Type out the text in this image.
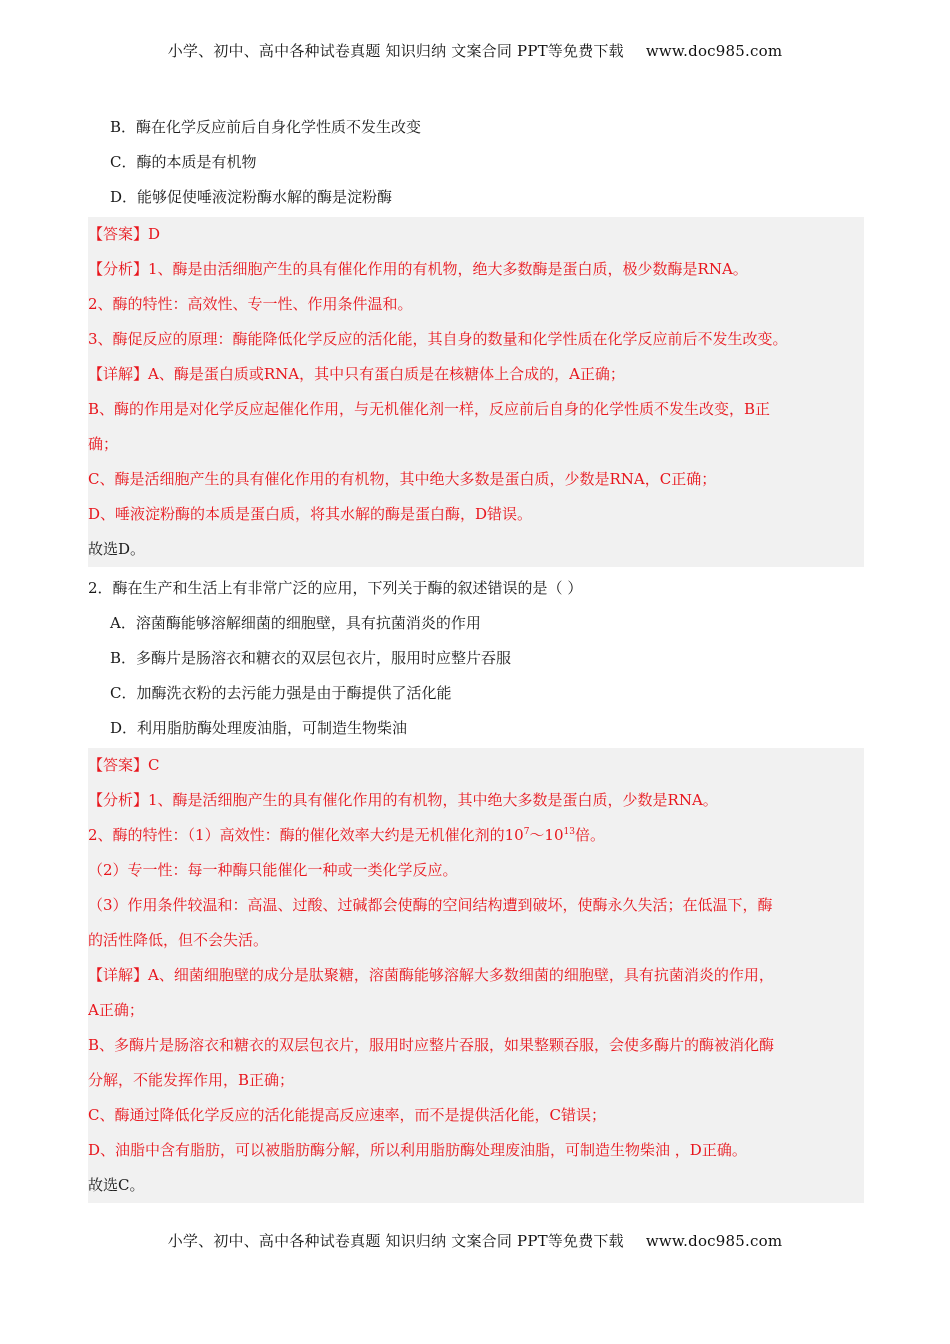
小学、初中、高中各种试卷真题 知识归纳 文案合同 PPT等免费下载 www.doc985.com
B．酶在化学反应前后自身化学性质不发生改变
C．酶的本质是有机物
D．能够促使唾液淀粉酶水解的酶是淀粉酶
【答案】D
【分析】1、酶是由活细胞产生的具有催化作用的有机物，绝大多数酶是蛋白质，极少数酶是RNA。
2、酶的特性：高效性、专一性、作用条件温和。
3、酶促反应的原理：酶能降低化学反应的活化能，其自身的数量和化学性质在化学反应前后不发生改变。
【详解】A、酶是蛋白质或RNA，其中只有蛋白质是在核糖体上合成的，A正确；
B、酶的作用是对化学反应起催化作用，与无机催化剂一样，反应前后自身的化学性质不发生改变，B正
确；
C、酶是活细胞产生的具有催化作用的有机物，其中绝大多数是蛋白质，少数是RNA，C正确；
D、唾液淀粉酶的本质是蛋白质，将其水解的酶是蛋白酶，D错误。
故选D。
2．酶在生产和生活上有非常广泛的应用，下列关于酶的叙述错误的是（ ）
A．溶菌酶能够溶解细菌的细胞壁，具有抗菌消炎的作用
B．多酶片是肠溶衣和糖衣的双层包衣片，服用时应整片吞服
C．加酶洗衣粉的去污能力强是由于酶提供了活化能
D．利用脂肪酶处理废油脂，可制造生物柴油
【答案】C
【分析】1、酶是活细胞产生的具有催化作用的有机物，其中绝大多数是蛋白质，少数是RNA。
2、酶的特性：（1）高效性：酶的催化效率大约是无机催化剂的$10^7\sim 10^{13}$倍。
（2）专一性：每一种酶只能催化一种或一类化学反应。
（3）作用条件较温和：高温、过酸、过碱都会使酶的空间结构遭到破坏，使酶永久失活；在低温下，酶
的活性降低，但不会失活。
【详解】A、细菌细胞壁的成分是肽聚糖，溶菌酶能够溶解大多数细菌的细胞壁，具有抗菌消炎的作用，
A正确；
B、多酶片是肠溶衣和糖衣的双层包衣片，服用时应整片吞服，如果整颗吞服，会使多酶片的酶被消化酶
分解，不能发挥作用，B正确；
C、酶通过降低化学反应的活化能提高反应速率，而不是提供活化能，C错误；
D、油脂中含有脂肪，可以被脂肪酶分解，所以利用脂肪酶处理废油脂，可制造生物柴油 ，D正确。
故选C。
小学、初中、高中各种试卷真题 知识归纳 文案合同 PPT等免费下载 www.doc985.com
